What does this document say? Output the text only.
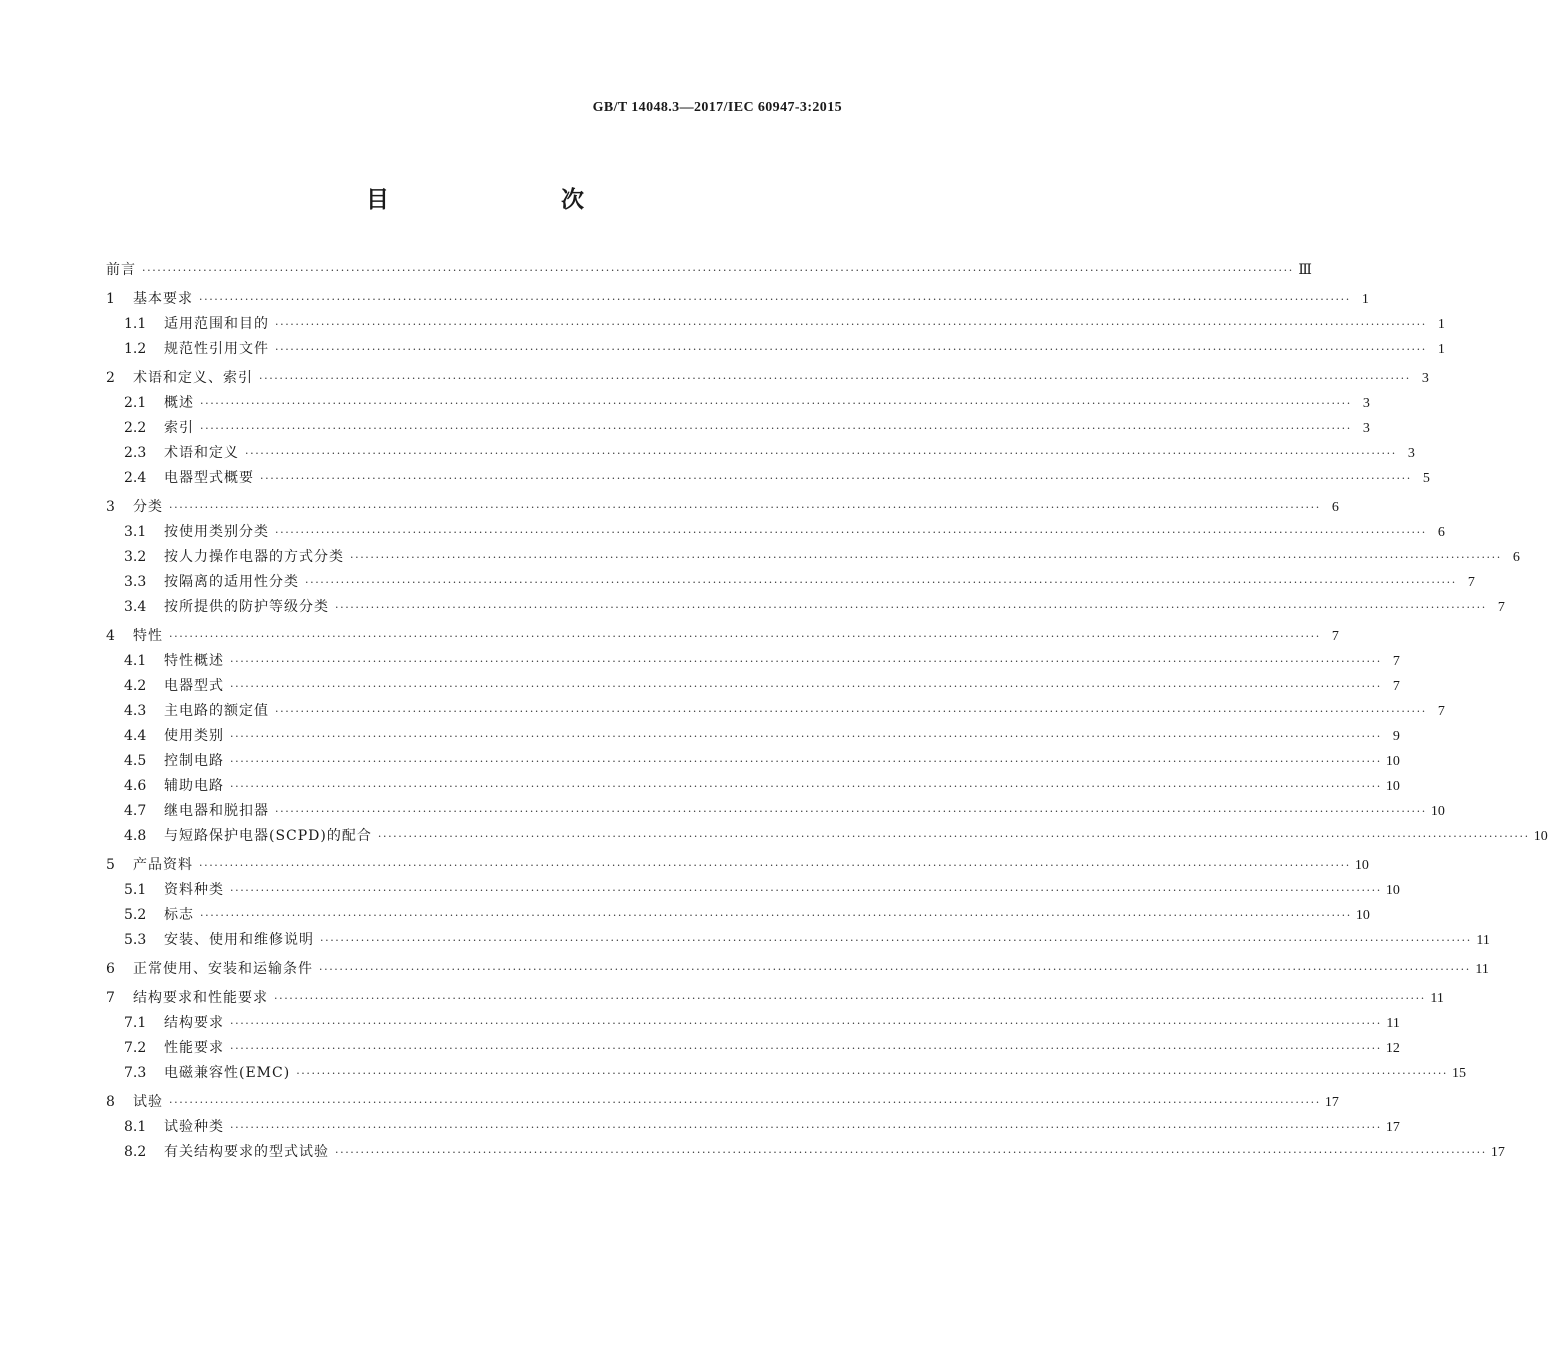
GB/T 14048.3—2017/IEC 60947-3:2015
目　　次
前言 ·····	Ⅲ
1	基本要求 ·····	1
1.1	适用范围和目的 ·····	1
1.2	规范性引用文件 ·····	1
2	术语和定义、索引 ·····	3
2.1	概述 ·····	3
2.2	索引 ·····	3
2.3	术语和定义 ·····	3
2.4	电器型式概要 ·····	5
3	分类 ·····	6
3.1	按使用类别分类 ·····	6
3.2	按人力操作电器的方式分类 ·····	6
3.3	按隔离的适用性分类 ·····	7
3.4	按所提供的防护等级分类 ·····	7
4	特性 ·····	7
4.1	特性概述 ·····	7
4.2	电器型式 ·····	7
4.3	主电路的额定值 ·····	7
4.4	使用类别 ·····	9
4.5	控制电路 ·····	10
4.6	辅助电路 ·····	10
4.7	继电器和脱扣器 ·····	10
4.8	与短路保护电器(SCPD)的配合 ·····	10
5	产品资料 ·····	10
5.1	资料种类 ·····	10
5.2	标志 ·····	10
5.3	安装、使用和维修说明 ·····	11
6	正常使用、安装和运输条件 ·····	11
7	结构要求和性能要求 ·····	11
7.1	结构要求 ·····	11
7.2	性能要求 ·····	12
7.3	电磁兼容性(EMC) ·····	15
8	试验 ·····	17
8.1	试验种类 ·····	17
8.2	有关结构要求的型式试验 ·····	17
